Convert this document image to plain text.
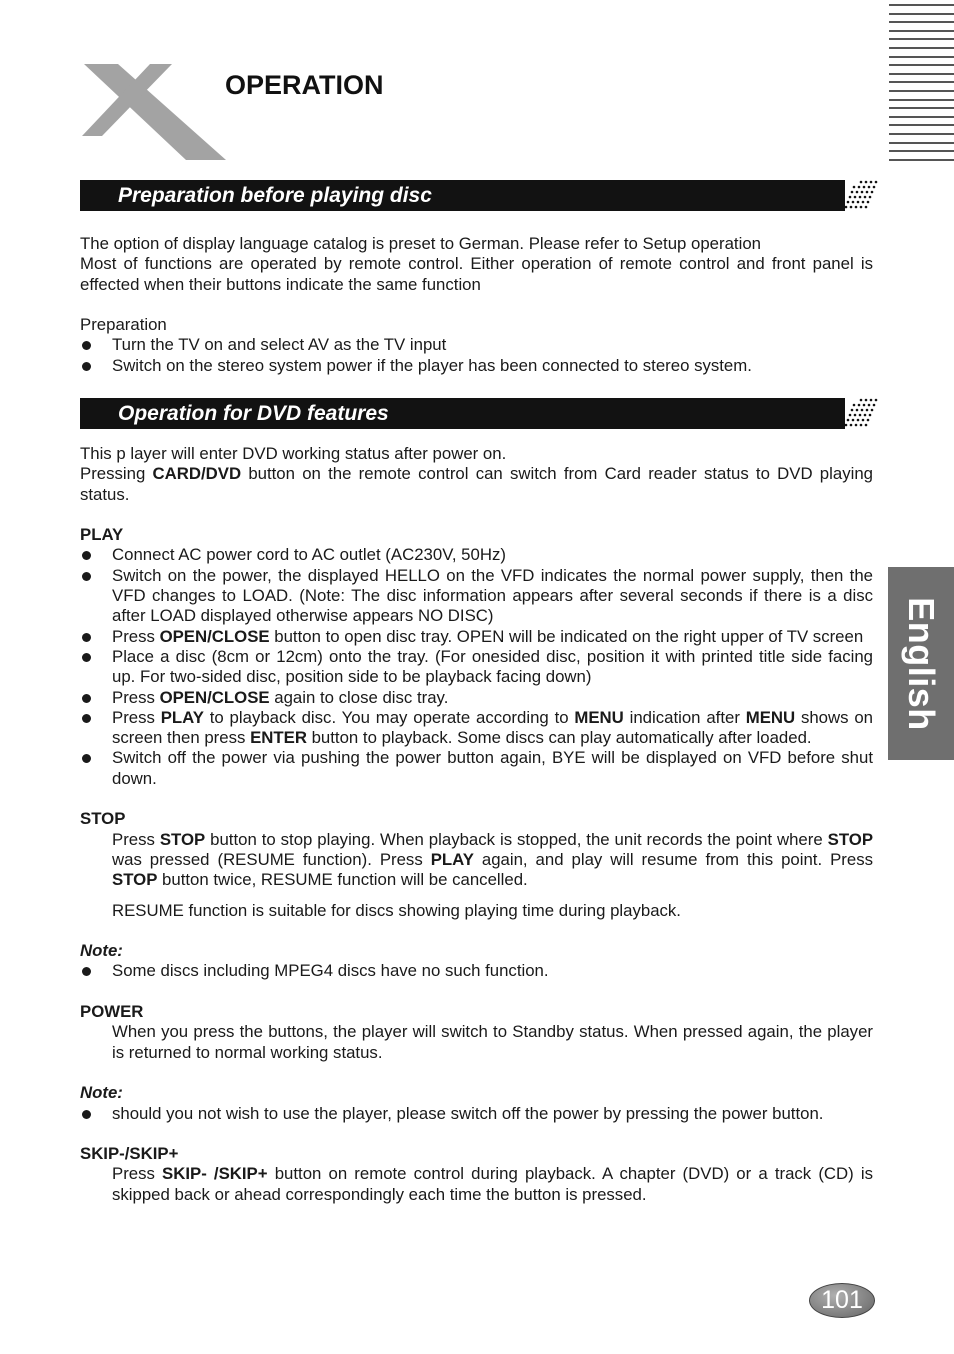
OPERATION
English
Preparation before playing disc

The option of display language catalog is preset to German. Please refer to Setup operation

Most of functions are operated by remote control. Either operation of remote control and front panel is effected when their buttons indicate the same function

Preparation

Turn the TV on and select AV as the TV input
Switch on the stereo system power if the player has been connected to stereo system.
Operation for DVD features

This p layer will enter DVD working status after power on.

Pressing CARD/DVD button on the remote control can switch from Card reader status to DVD playing status.

PLAY

Connect AC power cord to AC outlet (AC230V, 50Hz)
Switch on the power, the displayed HELLO on the VFD indicates the normal power supply, then the VFD changes to LOAD. (Note: The disc information appears after several seconds if there is a disc after LOAD displayed otherwise appears NO DISC)
Press OPEN/CLOSE button to open disc tray. OPEN will be indicated on the right upper of TV screen
Place a disc (8cm or 12cm) onto the tray. (For onesided disc, position it with printed title side facing up. For two-sided disc, position side to be playback facing down)
Press OPEN/CLOSE again to close disc tray.
Press PLAY to playback disc. You may operate according to MENU indication after MENU shows on screen then press ENTER button to playback. Some discs can play automatically after loaded.
Switch off the power via pushing the power button again, BYE will be displayed on VFD before shut down.

STOP

Press STOP button to stop playing. When playback is stopped, the unit records the point where STOP was pressed (RESUME function). Press PLAY again, and play will resume from this point. Press STOP button twice, RESUME function will be cancelled.

RESUME function is suitable for discs showing playing time during playback.

Note:

Some discs including MPEG4 discs have no such function.

POWER

When you press the buttons, the player will switch to Standby status. When pressed again, the player is returned to normal working status.

Note:

should you not wish to use the player, please switch off the power by pressing the power button.

SKIP-/SKIP+

Press SKIP- /SKIP+ button on remote control during playback. A chapter (DVD) or a track (CD) is skipped back or ahead correspondingly each time the button is pressed.

101
